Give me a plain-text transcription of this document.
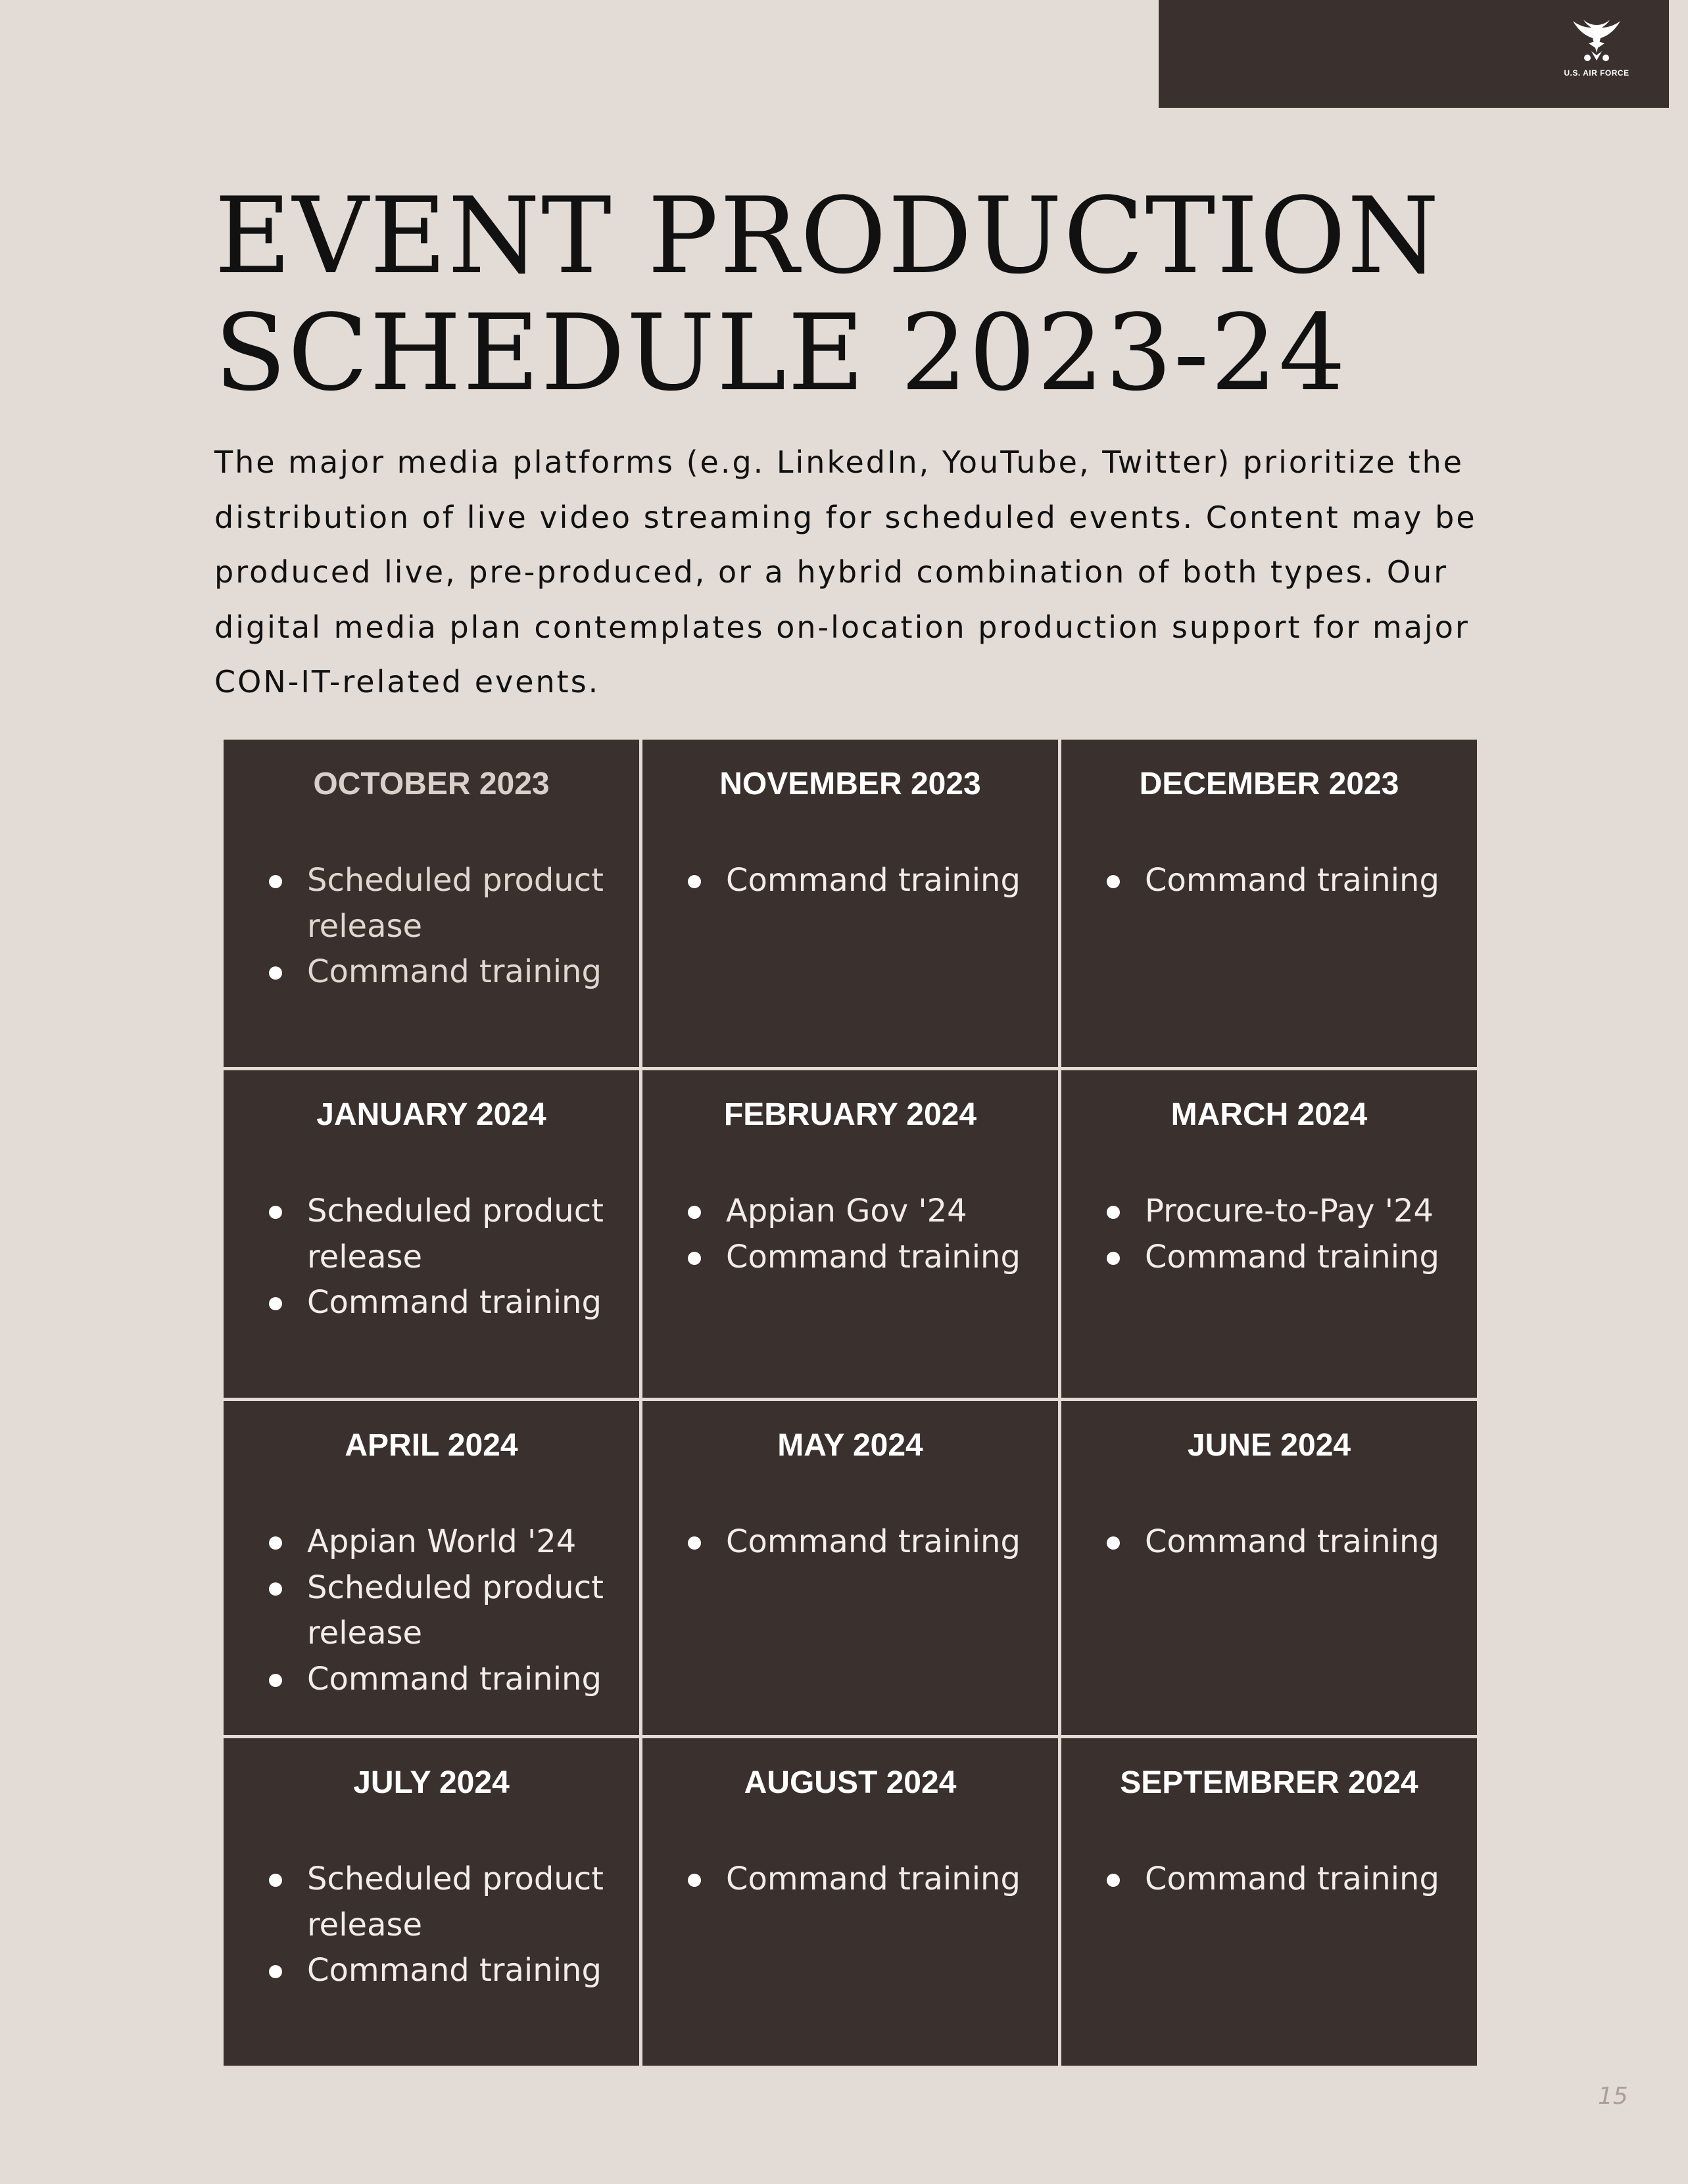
U.S. AIR FORCE
EVENT PRODUCTION
SCHEDULE 2023-24

The major media platforms (e.g. LinkedIn, YouTube, Twitter) prioritize the
distribution of live video streaming for scheduled events. Content may be
produced live, pre-produced, or a hybrid combination of both types. Our
digital media plan contemplates on-location production support for major
CON-IT-related events.

OCTOBER 2023
Scheduled product release
Command training
NOVEMBER 2023
Command training
DECEMBER 2023
Command training
JANUARY 2024
Scheduled product release
Command training
FEBRUARY 2024
Appian Gov '24
Command training
MARCH 2024
Procure-to-Pay '24
Command training
APRIL 2024
Appian World '24
Scheduled product release
Command training
MAY 2024
Command training
JUNE 2024
Command training
JULY 2024
Scheduled product release
Command training
AUGUST 2024
Command training
SEPTEMBRER 2024
Command training
15
